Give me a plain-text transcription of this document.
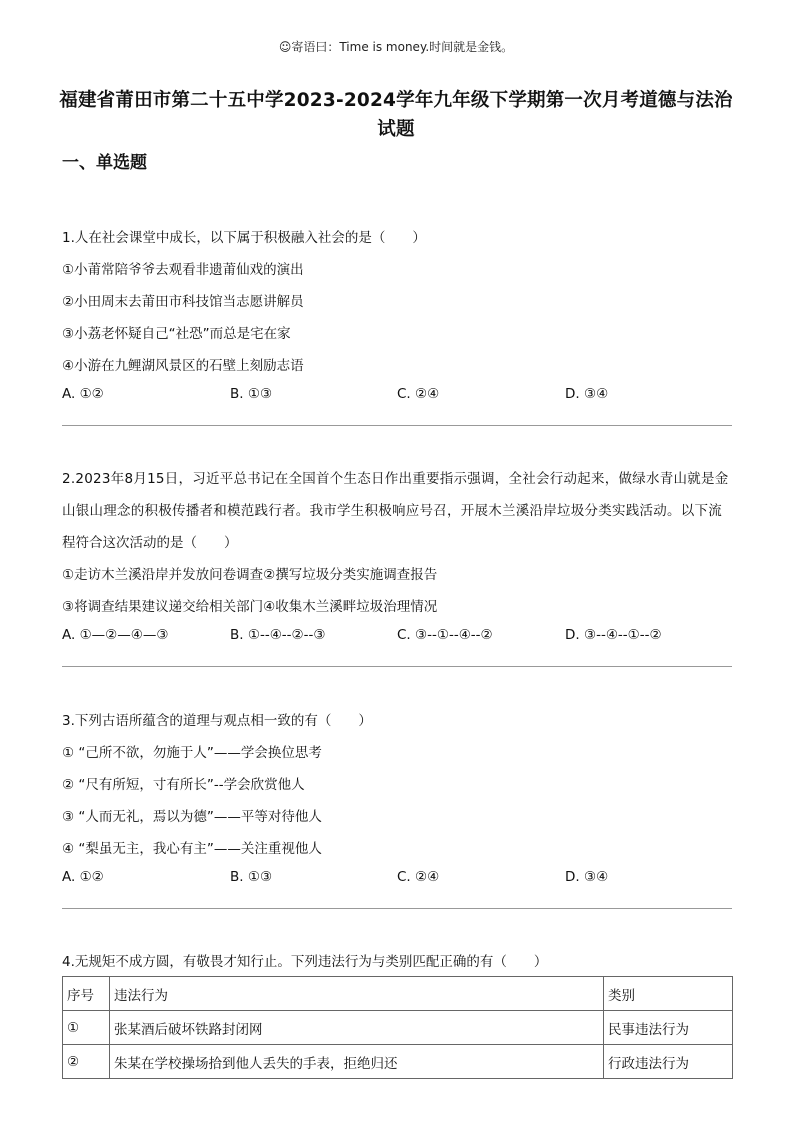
☺寄语曰：Time is money.时间就是金钱。
福建省莆田市第二十五中学2023-2024学年九年级下学期第一次月考道德与法治
试题
一、单选题
1.人在社会课堂中成长，以下属于积极融入社会的是（　　）
①小莆常陪爷爷去观看非遗莆仙戏的演出
②小田周末去莆田市科技馆当志愿讲解员
③小荔老怀疑自己“社恐”而总是宅在家
④小游在九鲤湖风景区的石壁上刻励志语
A. ①②	B. ①③	C. ②④	D. ③④
2.2023年8月15日，习近平总书记在全国首个生态日作出重要指示强调，全社会行动起来，做绿水青山就是金
山银山理念的积极传播者和模范践行者。我市学生积极响应号召，开展木兰溪沿岸垃圾分类实践活动。以下流
程符合这次活动的是（　　）
①走访木兰溪沿岸并发放问卷调查②撰写垃圾分类实施调查报告
③将调查结果建议递交给相关部门④收集木兰溪畔垃圾治理情况
A. ①—②—④—③	B. ①--④--②--③	C. ③--①--④--②	D. ③--④--①--②
3.下列古语所蕴含的道理与观点相一致的有（　　）
① “己所不欲，勿施于人”——学会换位思考
② “尺有所短，寸有所长”--学会欣赏他人
③ “人而无礼，焉以为德”——平等对待他人
④ “梨虽无主，我心有主”——关注重视他人
A. ①②	B. ①③	C. ②④	D. ③④
4.无规矩不成方圆，有敬畏才知行止。下列违法行为与类别匹配正确的有（　　）
序号	违法行为	类别
①	张某酒后破坏铁路封闭网	民事违法行为
②	朱某在学校操场拾到他人丢失的手表，拒绝归还	行政违法行为
